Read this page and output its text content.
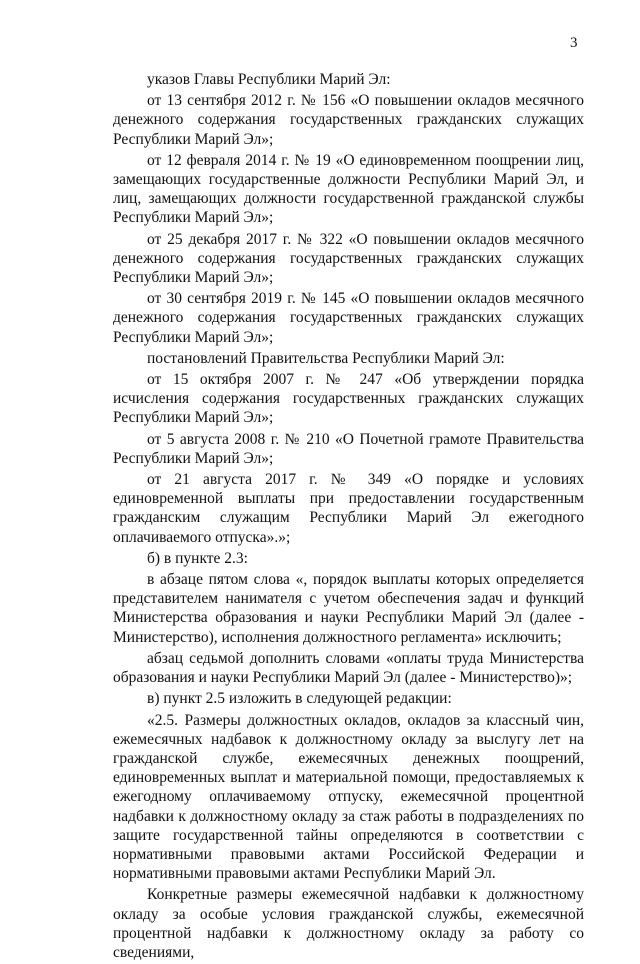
3

указов Главы Республики Марий Эл:

от 13 сентября 2012 г. № 156 «О повышении окладов месячного денежного содержания государственных гражданских служащих Республики Марий Эл»;

от 12 февраля 2014 г. № 19 «О единовременном поощрении лиц, замещающих государственные должности Республики Марий Эл, и лиц, замещающих должности государственной гражданской службы Республики Марий Эл»;

от 25 декабря 2017 г. № 322 «О повышении окладов месячного денежного содержания государственных гражданских служащих Республики Марий Эл»;

от 30 сентября 2019 г. № 145 «О повышении окладов месячного денежного содержания государственных гражданских служащих Республики Марий Эл»;

постановлений Правительства Республики Марий Эл:

от 15 октября 2007 г. № 247 «Об утверждении порядка исчисления содержания государственных гражданских служащих Республики Марий Эл»;

от 5 августа 2008 г. № 210 «О Почетной грамоте Правительства Республики Марий Эл»;

от 21 августа 2017 г. № 349 «О порядке и условиях единовременной выплаты при предоставлении государственным гражданским служащим Республики Марий Эл ежегодного оплачиваемого отпуска».»;

б) в пункте 2.3:

в абзаце пятом слова «, порядок выплаты которых определяется представителем нанимателя с учетом обеспечения задач и функций Министерства образования и науки Республики Марий Эл (далее - Министерство), исполнения должностного регламента» исключить;

абзац седьмой дополнить словами «оплаты труда Министерства образования и науки Республики Марий Эл (далее - Министерство)»;

в) пункт 2.5 изложить в следующей редакции:

«2.5. Размеры должностных окладов, окладов за классный чин, ежемесячных надбавок к должностному окладу за выслугу лет на гражданской службе, ежемесячных денежных поощрений, единовременных выплат и материальной помощи, предоставляемых к ежегодному оплачиваемому отпуску, ежемесячной процентной надбавки к должностному окладу за стаж работы в подразделениях по защите государственной тайны определяются в соответствии с нормативными правовыми актами Российской Федерации и нормативными правовыми актами Республики Марий Эл.

Конкретные размеры ежемесячной надбавки к должностному окладу за особые условия гражданской службы, ежемесячной процентной надбавки к должностному окладу за работу со сведениями,
